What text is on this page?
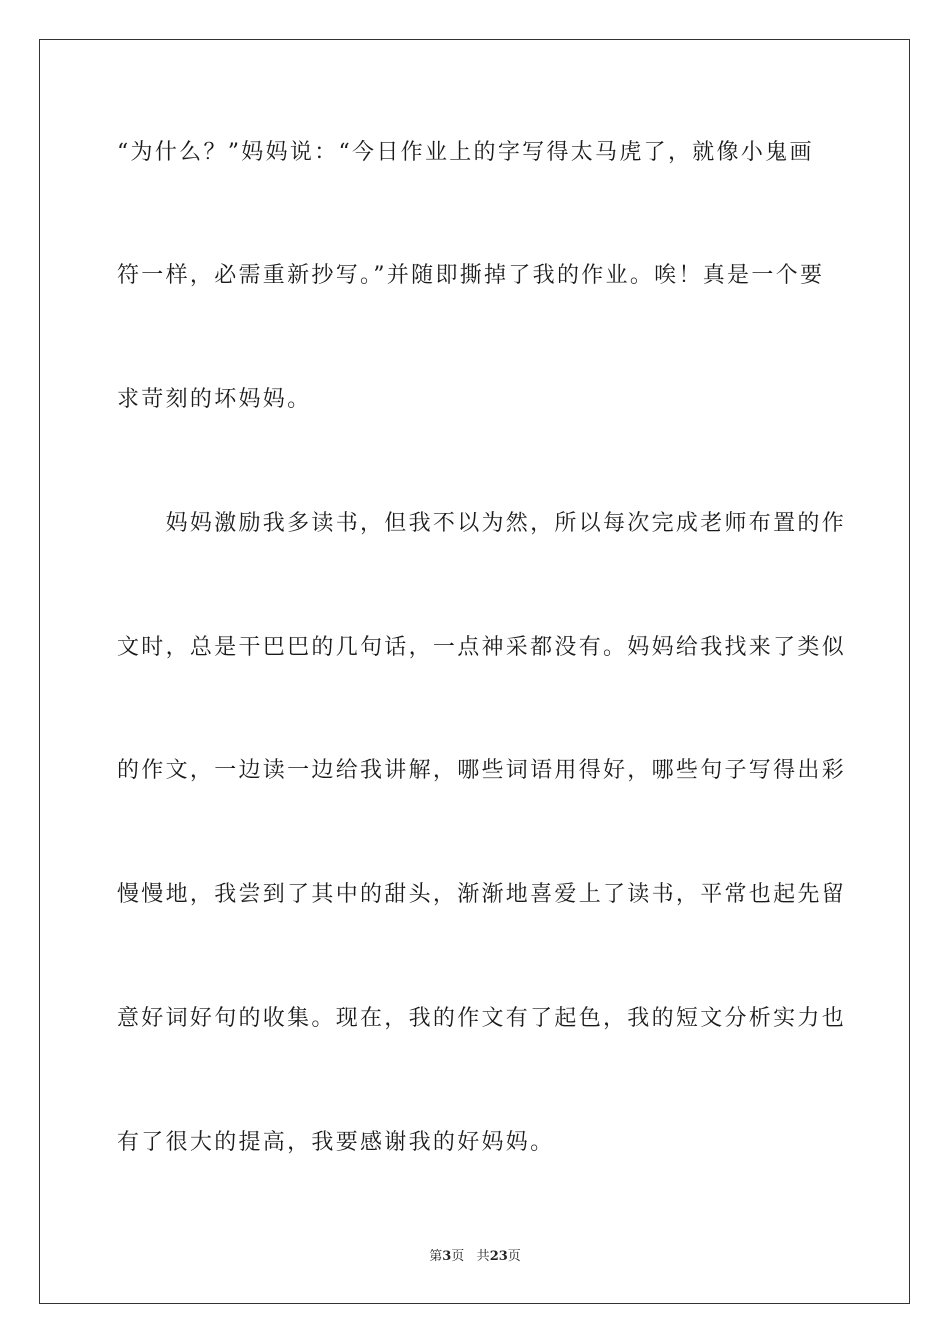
“为什么？”妈妈说：“今日作业上的字写得太马虎了，就像小鬼画
符一样，必需重新抄写。”并随即撕掉了我的作业。唉！真是一个要
求苛刻的坏妈妈。
　　妈妈激励我多读书，但我不以为然，所以每次完成老师布置的作
文时，总是干巴巴的几句话，一点神采都没有。妈妈给我找来了类似
的作文，一边读一边给我讲解，哪些词语用得好，哪些句子写得出彩
慢慢地，我尝到了其中的甜头，渐渐地喜爱上了读书，平常也起先留
意好词好句的收集。现在，我的作文有了起色，我的短文分析实力也
有了很大的提高，我要感谢我的好妈妈。
第3页 共23页
